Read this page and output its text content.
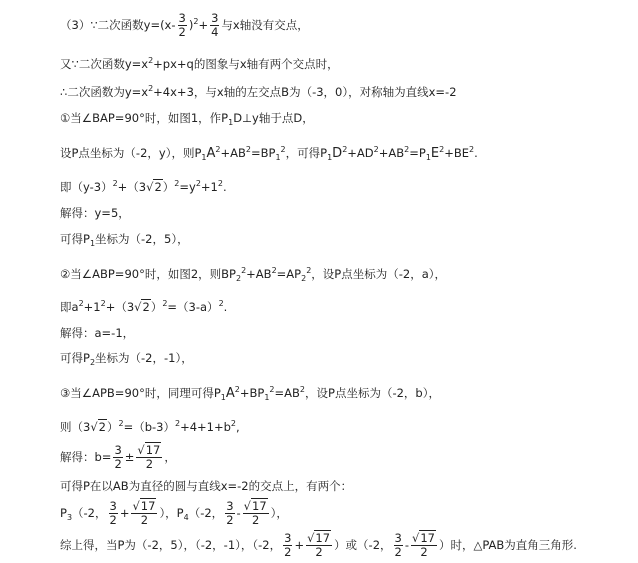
（3）∵二次函数$y=(x- \frac{3}{2} )^2+ \frac{3}{4}$ 与x轴没有交点，
又∵二次函数$y=x^2+px+q$的图象与x轴有两个交点时，
∴二次函数为$y=x^2+4x+3$，与x轴的左交点B为（-3，0），对称轴为直线x=-2
①当∠BAP=90°时，如图1，作$P_1D\perp y$轴于点D，
设P点坐标为（-2，y），则$P_1A^2+AB^2=BP_1^2$，可得$P_1D^2+AD^2+AB^2=P_1E^2+BE^2$.
即$(y-3)^2+(3√2)^2=y^2+1^2$.
解得：y=5，
可得$P_1$坐标为（-2，5），
②当∠ABP=90°时，如图2，则$BP_2^2+AB^2=AP_2^2$，设P点坐标为（-2，a），
即$a^2+1^2+(3√2)^2=(3-a)^2$.
解得：a=-1，
可得$P_2$坐标为（-2，-1），
③当∠APB=90°时，同理可得$P_1A^2+BP_1^2=AB^2$，设P点坐标为（-2，b），
则$(3√2)^2=(b-3)^2+4+1+b^2$,
解得：$b= \frac{3}{2} \pm \frac{√17}{2}$ ，
可得P在以AB为直径的圆与直线x=-2的交点上，有两个：
$P_3(-2$， $\frac{3}{2} + \frac{√17}{2}$ ），$P_4(-2$， $\frac{3}{2} - \frac{√17}{2}$ ），
综上得，当P为（-2，5），（-2，-1），（-2， $\frac{3}{2} + \frac{√17}{2}$ ）或（-2， $\frac{3}{2} - \frac{√17}{2}$ ）时，△PAB为直角三角形.
